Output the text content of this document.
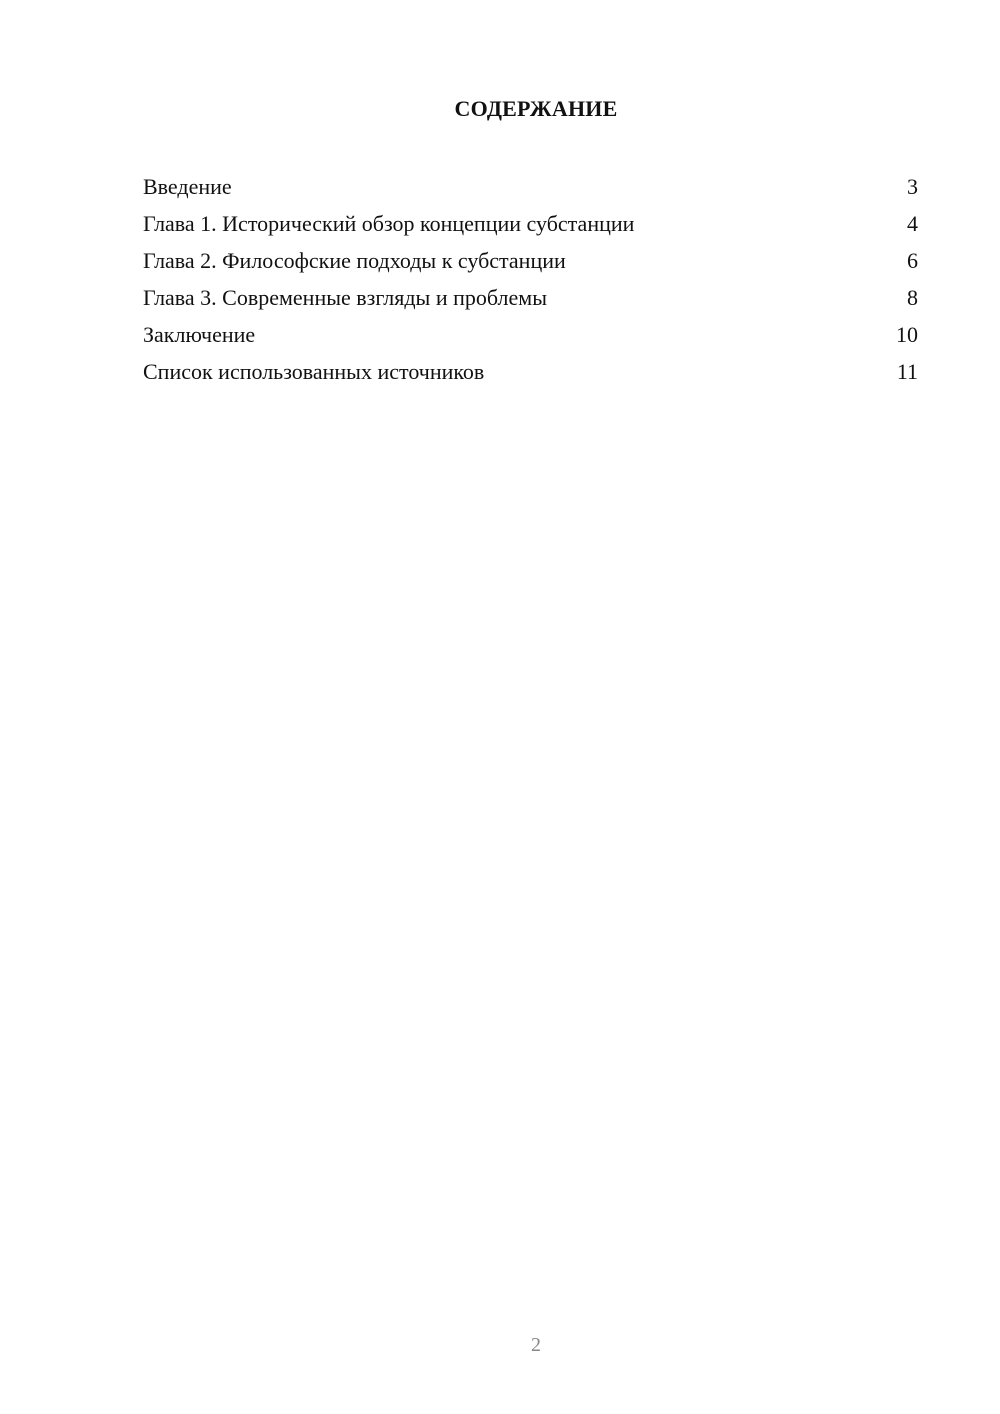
СОДЕРЖАНИЕ
Введение	3
Глава 1. Исторический обзор концепции субстанции	4
Глава 2. Философские подходы к субстанции	6
Глава 3. Современные взгляды и проблемы	8
Заключение	10
Список использованных источников	11
2
